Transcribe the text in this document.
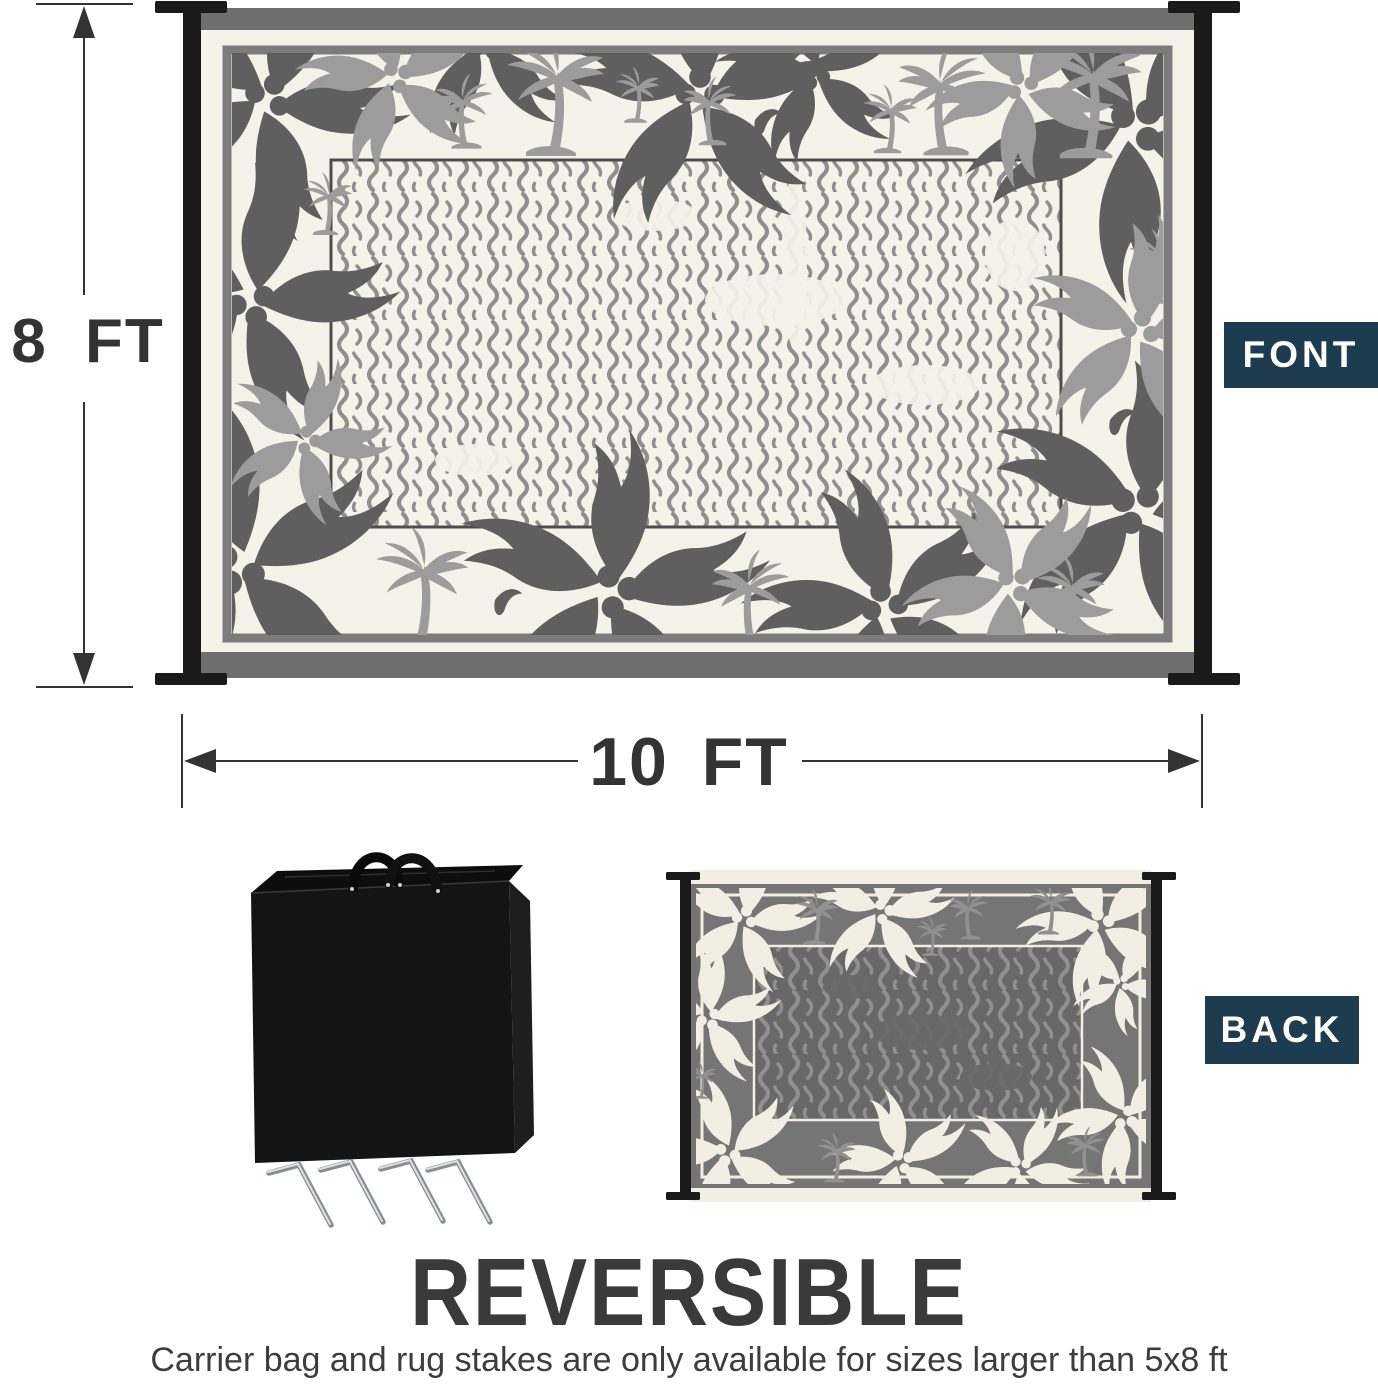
8 FT
10 FT
FONT
BACK
REVERSIBLE
Carrier bag and rug stakes are only available for sizes larger than 5x8 ft
